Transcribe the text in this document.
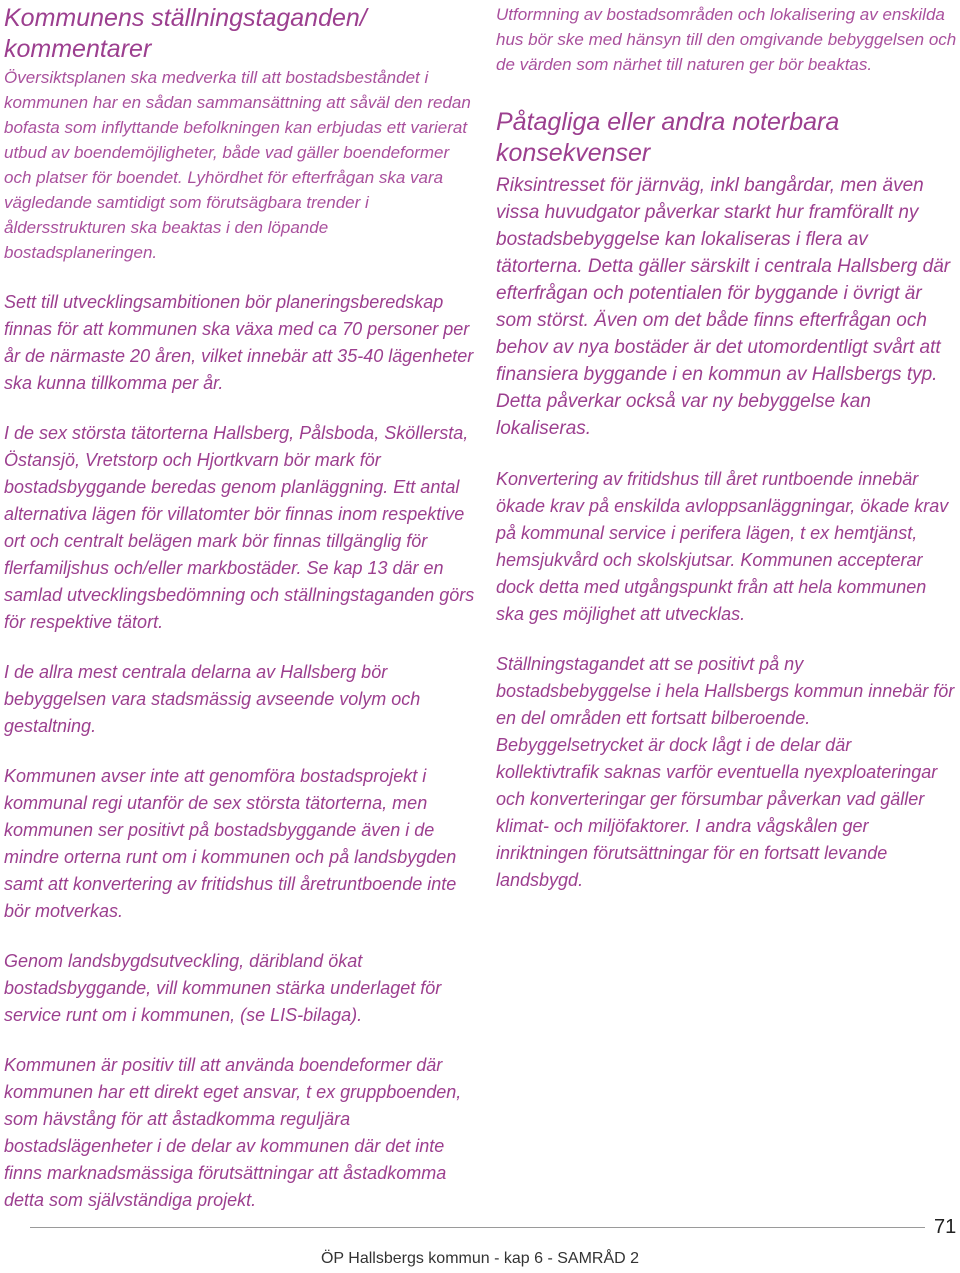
Kommunens ställningstaganden/ kommentarer

Översiktsplanen ska medverka till att bostadsbeståndet i kommunen har en sådan sammansättning att såväl den redan bofasta som inflyttande befolkningen kan erbjudas ett varierat utbud av boendemöjligheter, både vad gäller boendeformer och platser för boendet. Lyhördhet för efterfrågan ska vara vägledande samtidigt som förutsägbara trender i åldersstrukturen ska beaktas i den löpande bostadsplaneringen.

Sett till utvecklingsambitionen bör planeringsberedskap finnas för att kommunen ska växa med ca 70 personer per år de närmaste 20 åren, vilket innebär att 35-40 lägenheter ska kunna tillkomma per år.

I de sex största tätorterna Hallsberg, Pålsboda, Sköllersta, Östansjö, Vretstorp och Hjortkvarn bör mark för bostadsbyggande beredas genom planläggning. Ett antal alternativa lägen för villatomter bör finnas inom respektive ort och centralt belägen mark bör finnas tillgänglig för flerfamiljshus och/eller markbostäder. Se kap 13 där en samlad utvecklingsbedömning och ställningstaganden görs för respektive tätort.

I de allra mest centrala delarna av Hallsberg bör bebyggelsen vara stadsmässig avseende volym och gestaltning.

Kommunen avser inte att genomföra bostadsprojekt i kommunal regi utanför de sex största tätorterna, men kommunen ser positivt på bostadsbyggande även i de mindre orterna runt om i kommunen och på landsbygden samt att konvertering av fritidshus till åretruntboende inte bör motverkas.

Genom landsbygdsutveckling, däribland ökat bostadsbyggande, vill kommunen stärka underlaget för service runt om i kommunen, (se LIS-bilaga).

Kommunen är positiv till att använda boendeformer där kommunen har ett direkt eget ansvar, t ex gruppboenden, som hävstång för att åstadkomma reguljära bostadslägenheter i de delar av kommunen där det inte finns marknadsmässiga förutsättningar att åstadkomma detta som självständiga projekt.

Utformning av bostadsområden och lokalisering av enskilda hus bör ske med hänsyn till den omgivande bebyggelsen och de värden som närhet till naturen ger bör beaktas.

Påtagliga eller andra noterbara konsekvenser

Riksintresset för järnväg, inkl bangårdar, men även vissa huvudgator påverkar starkt hur framförallt ny bostadsbebyggelse kan lokaliseras i flera av tätorterna. Detta gäller särskilt i centrala Hallsberg där efterfrågan och potentialen för byggande i övrigt är som störst. Även om det både finns efterfrågan och behov av nya bostäder är det utomordentligt svårt att finansiera byggande i en kommun av Hallsbergs typ. Detta påverkar också var ny bebyggelse kan lokaliseras.

Konvertering av fritidshus till året runtboende innebär ökade krav på enskilda avloppsanläggningar, ökade krav på kommunal service i perifera lägen, t ex hemtjänst, hemsjukvård och skolskjutsar. Kommunen accepterar dock detta med utgångspunkt från att hela kommunen ska ges möjlighet att utvecklas.

Ställningstagandet att se positivt på ny bostadsbebyggelse i hela Hallsbergs kommun innebär för en del områden ett fortsatt bilberoende. Bebyggelsetrycket är dock lågt i de delar där kollektivtrafik saknas varför eventuella nyexploateringar och konverteringar ger försumbar påverkan vad gäller klimat- och miljöfaktorer. I andra vågskålen ger inriktningen förutsättningar för en fortsatt levande landsbygd.

71
ÖP Hallsbergs kommun - kap 6 - SAMRÅD 2
